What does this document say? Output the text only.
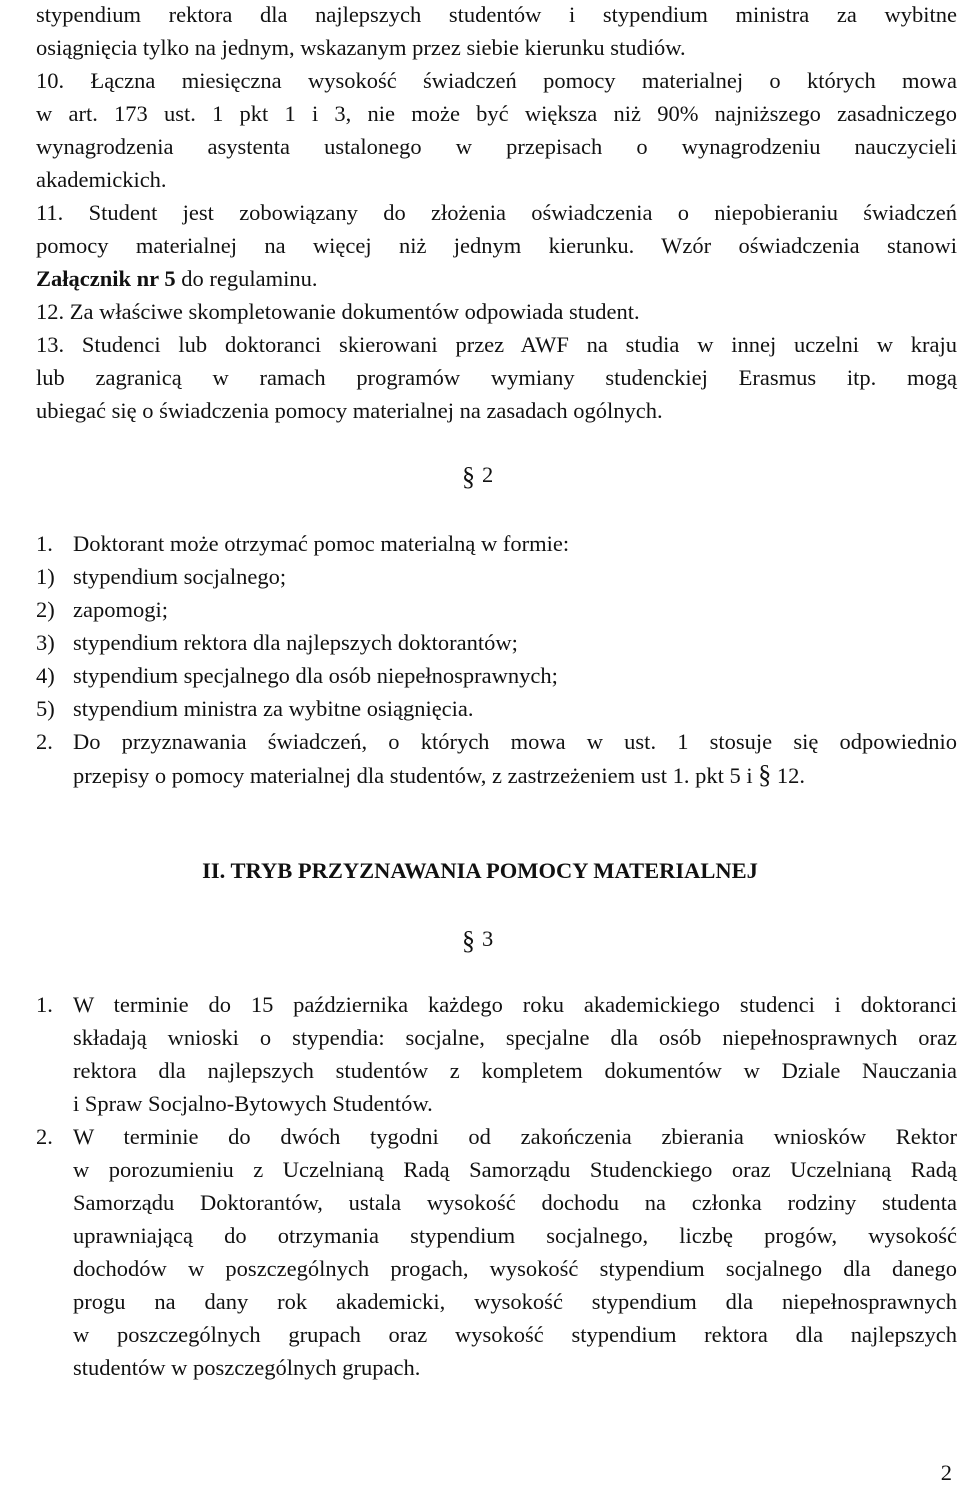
stypendium rektora dla najlepszych studentów i stypendium ministra za wybitne
osiągnięcia tylko na jednym, wskazanym przez siebie kierunku studiów.
10. Łączna miesięczna wysokość świadczeń pomocy materialnej o których mowa
w art. 173 ust. 1 pkt 1 i 3, nie może być większa niż 90% najniższego zasadniczego
wynagrodzenia asystenta ustalonego w przepisach o wynagrodzeniu nauczycieli
akademickich.
11. Student jest zobowiązany do złożenia oświadczenia o niepobieraniu świadczeń
pomocy materialnej na więcej niż jednym kierunku. Wzór oświadczenia stanowi
Załącznik nr 5 do regulaminu.
12. Za właściwe skompletowanie dokumentów odpowiada student.
13. Studenci lub doktoranci skierowani przez AWF na studia w innej uczelni w kraju
lub zagranicą w ramach programów wymiany studenckiej Erasmus itp. mogą
ubiegać się o świadczenia pomocy materialnej na zasadach ogólnych.
§ 2
1. Doktorant może otrzymać pomoc materialną w formie:
1) stypendium socjalnego;
2) zapomogi;
3) stypendium rektora dla najlepszych doktorantów;
4) stypendium specjalnego dla osób niepełnosprawnych;
5) stypendium ministra za wybitne osiągnięcia.
2. Do przyznawania świadczeń, o których mowa w ust. 1 stosuje się odpowiednio
przepisy o pomocy materialnej dla studentów, z zastrzeżeniem ust 1. pkt 5 i § 12.
II. TRYB PRZYZNAWANIA POMOCY MATERIALNEJ
§ 3
1. W terminie do 15 października każdego roku akademickiego studenci i doktoranci
składają wnioski o stypendia: socjalne, specjalne dla osób niepełnosprawnych oraz
rektora dla najlepszych studentów z kompletem dokumentów w Dziale Nauczania
i Spraw Socjalno-Bytowych Studentów.
2. W terminie do dwóch tygodni od zakończenia zbierania wniosków Rektor
w porozumieniu z Uczelnianą Radą Samorządu Studenckiego oraz Uczelnianą Radą
Samorządu Doktorantów, ustala wysokość dochodu na członka rodziny studenta
uprawniającą do otrzymania stypendium socjalnego, liczbę progów, wysokość
dochodów w poszczególnych progach, wysokość stypendium socjalnego dla danego
progu na dany rok akademicki, wysokość stypendium dla niepełnosprawnych
w poszczególnych grupach oraz wysokość stypendium rektora dla najlepszych
studentów w poszczególnych grupach.
2
